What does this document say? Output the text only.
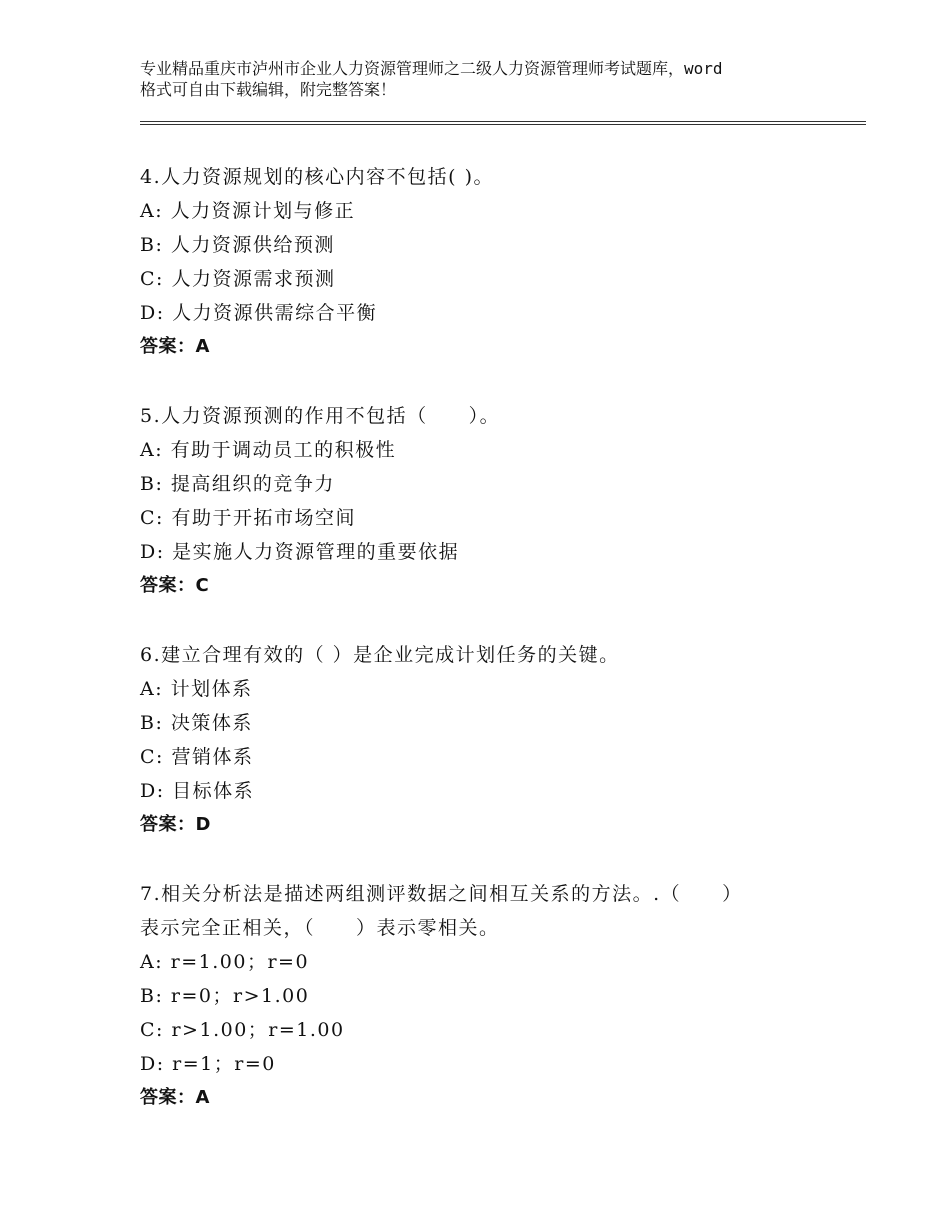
专业精品重庆市泸州市企业人力资源管理师之二级人力资源管理师考试题库，word
格式可自由下载编辑，附完整答案！
4.人力资源规划的核心内容不包括( )。
A: 人力资源计划与修正
B: 人力资源供给预测
C: 人力资源需求预测
D: 人力资源供需综合平衡
答案：A
5.人力资源预测的作用不包括（　　）。
A: 有助于调动员工的积极性
B: 提高组织的竞争力
C: 有助于开拓市场空间
D: 是实施人力资源管理的重要依据
答案：C
6.建立合理有效的（ ）是企业完成计划任务的关键。
A: 计划体系
B: 决策体系
C: 营销体系
D: 目标体系
答案：D
7.相关分析法是描述两组测评数据之间相互关系的方法。.（　　）
表示完全正相关，（　　）表示零相关。
A: r=1.00；r=0
B: r=0；r>1.00
C: r>1.00；r=1.00
D: r=1；r=0
答案：A
